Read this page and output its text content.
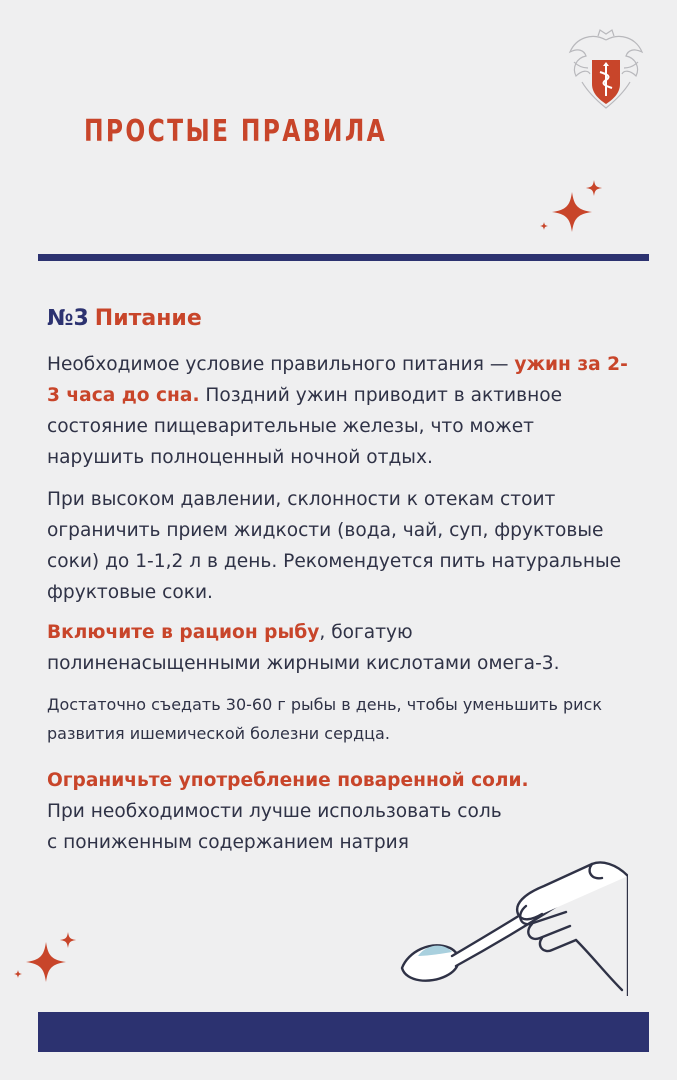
ПРОСТЫЕ ПРАВИЛА
№3 Питание
Необходимое условие правильного питания — ужин за 2-3 часа до сна. Поздний ужин приводит в активное состояние пищеварительные железы, что может нарушить полноценный ночной отдых.
При высоком давлении, склонности к отекам стоит ограничить прием жидкости (вода, чай, суп, фруктовые соки) до 1-1,2 л в день. Рекомендуется пить натуральные фруктовые соки.
Включите в рацион рыбу, богатую полиненасыщенными жирными кислотами омега-3.
Достаточно съедать 30-60 г рыбы в день, чтобы уменьшить риск развития ишемической болезни сердца.
Ограничьте употребление поваренной соли.
При необходимости лучше использовать соль с пониженным содержанием натрия
